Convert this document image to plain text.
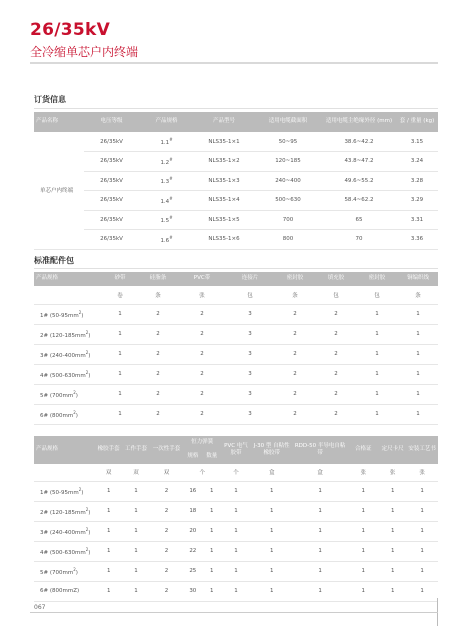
26/35kV
全冷缩单芯户内终端
订货信息
产品名称	电压等级	产品规格	产品型号	适用电缆截面积	适用电缆主绝缘外径 (mm)	套 / 重量 (kg)
单芯户内终端	26/35kV	1.1#	NLS35-1×1	50~95	38.6~42.2	3.15
	26/35kV	1.2#	NLS35-1×2	120~185	43.8~47.2	3.24
	26/35kV	1.3#	NLS35-1×3	240~400	49.6~55.2	3.28
	26/35kV	1.4#	NLS35-1×4	500~630	58.4~62.2	3.29
	26/35kV	1.5#	NLS35-1×5	700	65	3.31
	26/35kV	1.6#	NLS35-1×6	800	70	3.36
标准配件包
产品规格	砂带	硅脂条	PVC带	连接片	密封胶	填充胶	密封胶	铜编织线
	卷	条	张	包	条	包	包	条
1# $(50-95mm^2)$	1	2	2	3	2	2	1	1
2# $(120-185mm^2)$	1	2	2	3	2	2	1	1
3# $(240-400mm^2)$	1	2	2	3	2	2	1	1
4# $(500-630mm^2)$	1	2	2	3	2	2	1	1
5# $(700mm^2)$	1	2	2	3	2	2	1	1
6# $(800mm^2)$	1	2	2	3	2	2	1	1
产品规格	橡胶手套	工作手套	一次性手套	恒力弹簧		PVC 电气胶带	J-30 型 自粘性橡胶带	RDD-50 半导电自粘带	合格证	定尺卡尺	安装工艺书
				规格	数量						
	双	双	双	个		个	盒	盒	张	张	张
1# $(50-95mm^2)$	1	1	2	16	1	1	1	1	1	1	1
2# $(120-185mm^2)$	1	1	2	18	1	1	1	1	1	1	1
3# $(240-400mm^2)$	1	1	2	20	1	1	1	1	1	1	1
4# $(500-630mm^2)$	1	1	2	22	1	1	1	1	1	1	1
5# $(700mm^2)$	1	1	2	25	1	1	1	1	1	1	1
6# (800mmZ)	1	1	2	30	1	1	1	1	1	1	1
067
